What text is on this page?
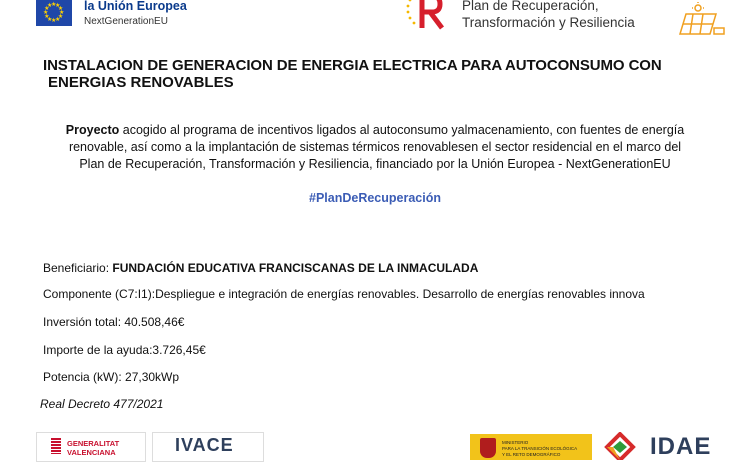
★
★
★
★
★
★
★
★
★
★
★
★ la Unión Europea
NextGenerationEU
Plan de Recuperación,
Transformación y Resiliencia
INSTALACION DE GENERACION DE ENERGIA ELECTRICA PARA AUTOCONSUMO CON
ENERGIAS RENOVABLES
Proyecto acogido al programa de incentivos ligados al autoconsumo yalmacenamiento, con fuentes de energía
renovable, así como a la implantación de sistemas térmicos renovablesen el sector residencial en el marco del
Plan de Recuperación, Transformación y Resiliencia, financiado por la Unión Europea - NextGenerationEU
#PlanDeRecuperación
Beneficiario: FUNDACIÓN EDUCATIVA FRANCISCANAS DE LA INMACULADA
Componente (C7:I1):Despliegue e integración de energías renovables. Desarrollo de energías renovables innova
Inversión total: 40.508,46€
Importe de la ayuda:3.726,45€
Potencia (kW): 27,30kWp
Real Decreto 477/2021
GENERALITAT
VALENCIANA	IVACE	MINISTERIO
PARA LA TRANSICIÓN ECOLÓGICA
Y EL RETO DEMOGRÁFICO	IDAE
